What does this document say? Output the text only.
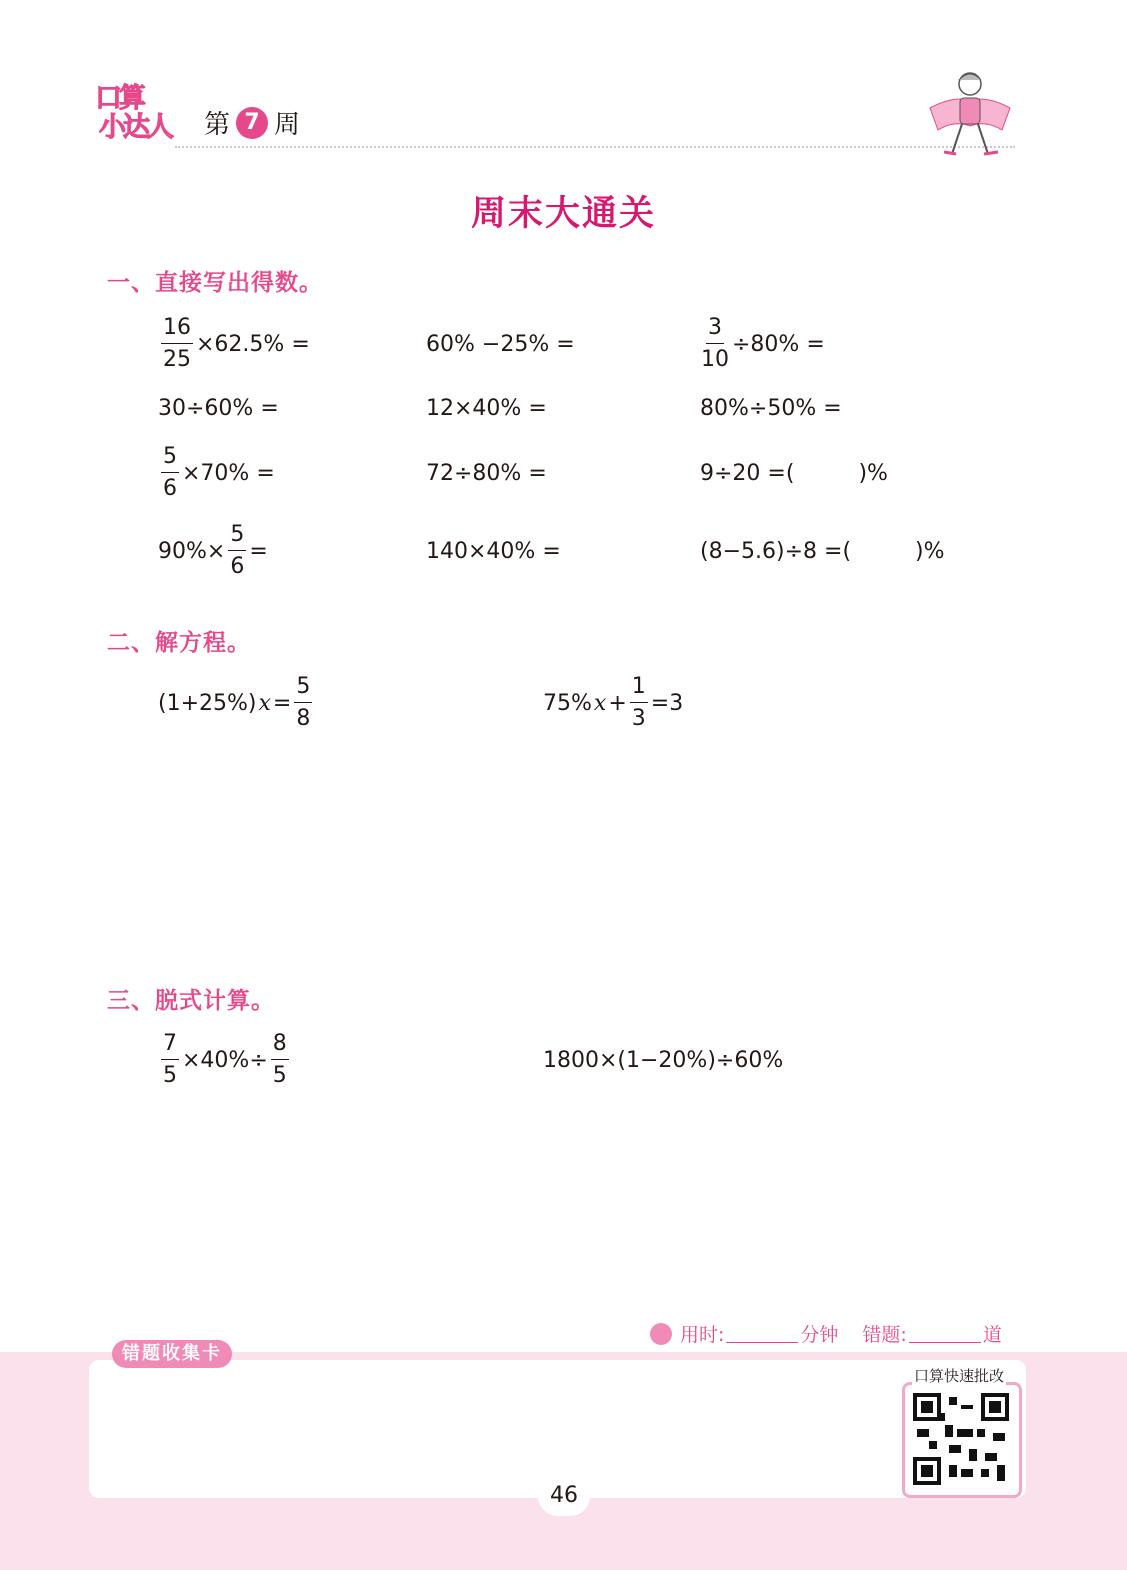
口算
小达人	第 7 周
周末大通关
一、直接写出得数。
$\frac{16}{25} \times 62.5\%$ =	60% −25% =	$\frac{3}{10} \div 80\%$ =
30÷60% =	12×40% =	80%÷50% =
$\frac{5}{6} \times 70\%$ =	72÷80% =	9÷20 =(	)%
$90\%\times \frac{5}{6}$ =	140×40% =	(8−5.6)÷8 =(	)%
二、解方程。
(1+25%) $x = \frac{5}{8}$	75% $x + \frac{1}{3} =3$
三、脱式计算。
$\frac{7}{5} \times 40\%\div \frac{8}{5}$	1800×(1−20%)÷60%
用时:	分钟 错题:	道
错题收集卡
口算快速批改
46
